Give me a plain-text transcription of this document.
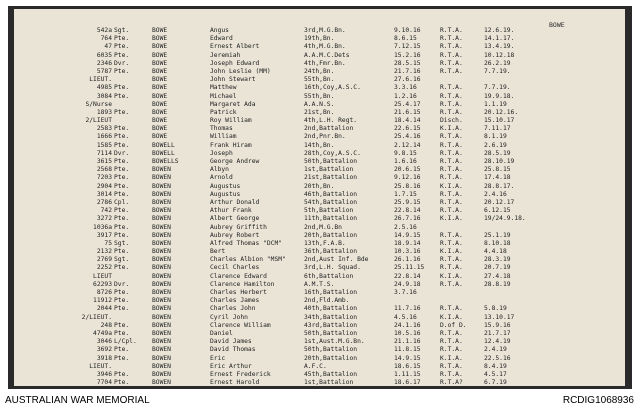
BOWE
542a Sgt.	BOWE	Angus	3rd,M.G.Bn.	9.10.16	R.T.A.	12.6.19.
764 Pte.	BOWE	Edward	19th,Bn.	8.6.15	R.T.A.	14.1.17.
47 Pte.	BOWE	Ernest Albert	4th,M.G.Bn.	7.12.15	R.T.A.	13.4.19.
6035 Pte.	BOWE	Jeremiah	A.A.M.C.Dets	15.2.16	R.T.A.	10.12.18
2346 Dvr.	BOWE	Joseph Edward	4th,Fmr.Bn.	28.5.15	R.T.A.	26.2.19
5787 Pte.	BOWE	John Leslie (MM)	24th,Bn.	21.7.16	R.T.A.	7.7.19.
LIEUT.	BOWE	John Stewart	55th,Bn.	27.6.16
4985 Pte.	BOWE	Matthew	16th,Coy,A.S.C.	3.3.16	R.T.A.	7.7.19.
3084 Pte.	BOWE	Michael	55th,Bn.	1.2.16	R.T.A.	19.9.18.
S/Nurse	BOWE	Margaret Ada	A.A.N.S.	25.4.17	R.T.A.	1.1.19
1893 Pte.	BOWE	Patrick	21st,Bn.	21.6.15	R.T.A.	20.12.16.
2/LIEUT	BOWE	Roy William	4th,L.H. Regt.	18.4.14	Disch.	15.10.17
2583 Pte.	BOWE	Thomas	2nd,Battalion	22.6.15	K.I.A.	7.11.17
1666 Pte.	BOWE	William	2nd,Pnr.Bn.	25.4.16	R.T.A.	8.1.19
1585 Pte.	BOWELL	Frank Hiram	14th,Bn.	2.12.14	R.T.A.	2.6.19
7114 Dvr.	BOWELL	Joseph	28th,Coy,A.S.C.	9.8.15	R.T.A.	28.5.19
3615 Pte.	BOWELLS	George Andrew	50th,Battalion	1.6.16	R.T.A.	28.10.19
2568 Pte.	BOWEN	Albyn	1st,Battalion	20.6.15	R.T.A.	25.8.15
7203 Pte.	BOWEN	Arnold	21st,Battalion	9.12.16	R.T.A.	17.4.18
2904 Pte.	BOWEN	Augustus	20th,Bn.	25.8.16	K.I.A.	28.8.17.
3014 Pte.	BOWEN	Augustus	46th,Battalion	1.7.15	R.T.A.	2.4.16
2786 Cpl.	BOWEN	Arthur Donald	54th,Battalion	25.9.15	R.T.A.	20.12.17
742 Pte.	BOWEN	Athur Frank	5th,Battalion	22.8.14	R.T.A.	6.12.15
3272 Pte.	BOWEN	Albert George	11th,Battalion	26.7.16	K.I.A.	19/24.9.18.
1036a Pte.	BOWEN	Aubrey Griffith	2nd,M.G.Bn	2.5.16
3917 Pte.	BOWEN	Aubrey Robert	20th,Battalion	14.9.15	R.T.A.	25.1.19
75 Sgt.	BOWEN	Alfred Thomas "DCM"	13th,F.A.B.	18.9.14	R.T.A.	8.10.18
2132 Pte.	BOWEN	Bert	36th,Battalion	10.3.16	K.I.A.	4.4.18
2769 Sgt.	BOWEN	Charles Albion "MSM"	2nd,Aust Inf. Bde	26.1.16	R.T.A.	28.3.19
2252 Pte.	BOWEN	Cecil Charles	3rd,L.H. Squad.	25.11.15	R.T.A.	20.7.19
LIEUT	BOWEN	Clarence Edward	6th,Battalion	22.8.14	K.I.A.	27.4.18
62293 Dvr.	BOWEN	Clarence Hamilton	A.M.T.S.	24.9.18	R.T.A.	28.8.19
8726 Pte.	BOWEN	Charles Herbert	16th,Battalion	3.7.16
11912 Pte.	BOWEN	Charles James	2nd,Fld.Amb.
2044 Pte.	BOWEN	Charles John	40th,Battalion	11.7.16	R.T.A.	5.8.19
2/LIEUT.	BOWEN	Cyril John	34th,Battalion	4.5.16	K.I.A.	13.10.17
248 Pte.	BOWEN	Clarence William	43rd,Battalion	24.1.16	D.of D.	15.9.16
4749a Pte.	BOWEN	Daniel	50th,Battalion	10.5.16	R.T.A.	21.7.17
3046 L/Cpl.	BOWEN	David James	1st,Aust.M.G.Bn.	21.1.16	R.T.A.	12.4.19
3692 Pte.	BOWEN	David Thomas	50th,Battalion	11.8.15	R.T.A.	2.4.19
3918 Pte.	BOWEN	Eric	20th,Battalion	14.9.15	K.I.A.	22.5.16
LIEUT.	BOWEN	Eric Arthur	A.F.C.	18.6.15	R.T.A.	8.4.19
3946 Pte.	BOWEN	Ernest Frederick	45th,Battalion	1.11.15	R.T.A.	4.5.17
7704 Pte.	BOWEN	Ernest Harold	1st,Battalion	18.6.17	R.T.A?	6.7.19
AUSTRALIAN WAR MEMORIAL	RCDIG1068936
